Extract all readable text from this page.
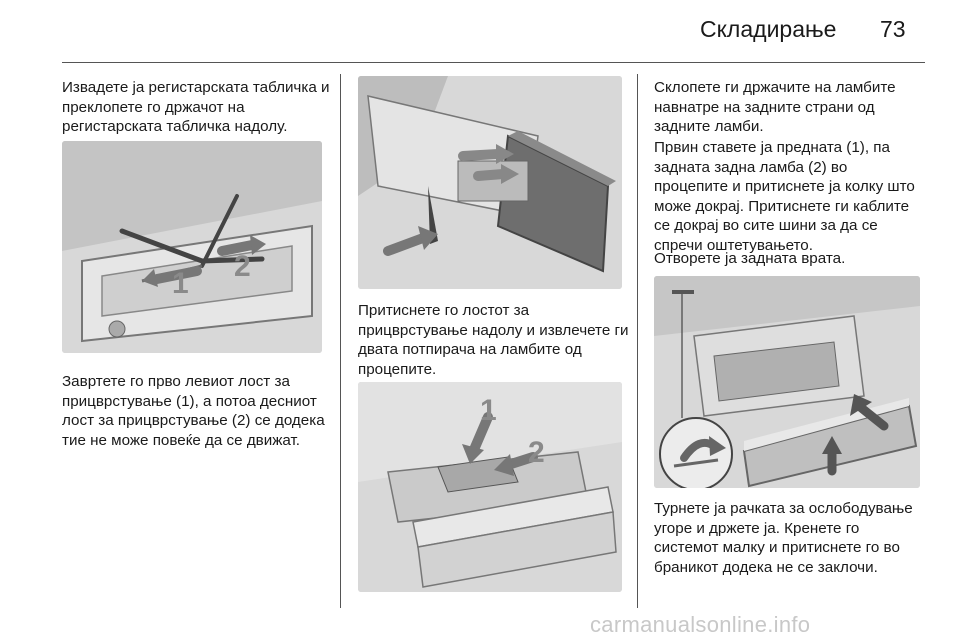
Складирање 73

Извадете ја регистарската табличка и преклопете го држачот на регистарската табличка надолу.

1
2

Завртете го прво левиот лост за прицврстување (1), а потоа десниот лост за прицврстување (2) се додека тие не може повеќе да се движат.

Притиснете го лостот за прицврстување надолу и извлечете ги двата потпирача на ламбите од процепите.

1
2

Склопете ги држачите на ламбите навнатре на задните страни од задните ламби.

Првин ставете ја предната (1), па задната задна ламба (2) во процепите и притиснете ја колку што може докрај. Притиснете ги каблите се докрај во сите шини за да се спречи оштетувањето.

Отворете ја задната врата.

Турнете ја рачката за ослободување угоре и држете ја. Кренете го системот малку и притиснете го во браникот додека не се заклочи.

carmanualsonline.info
